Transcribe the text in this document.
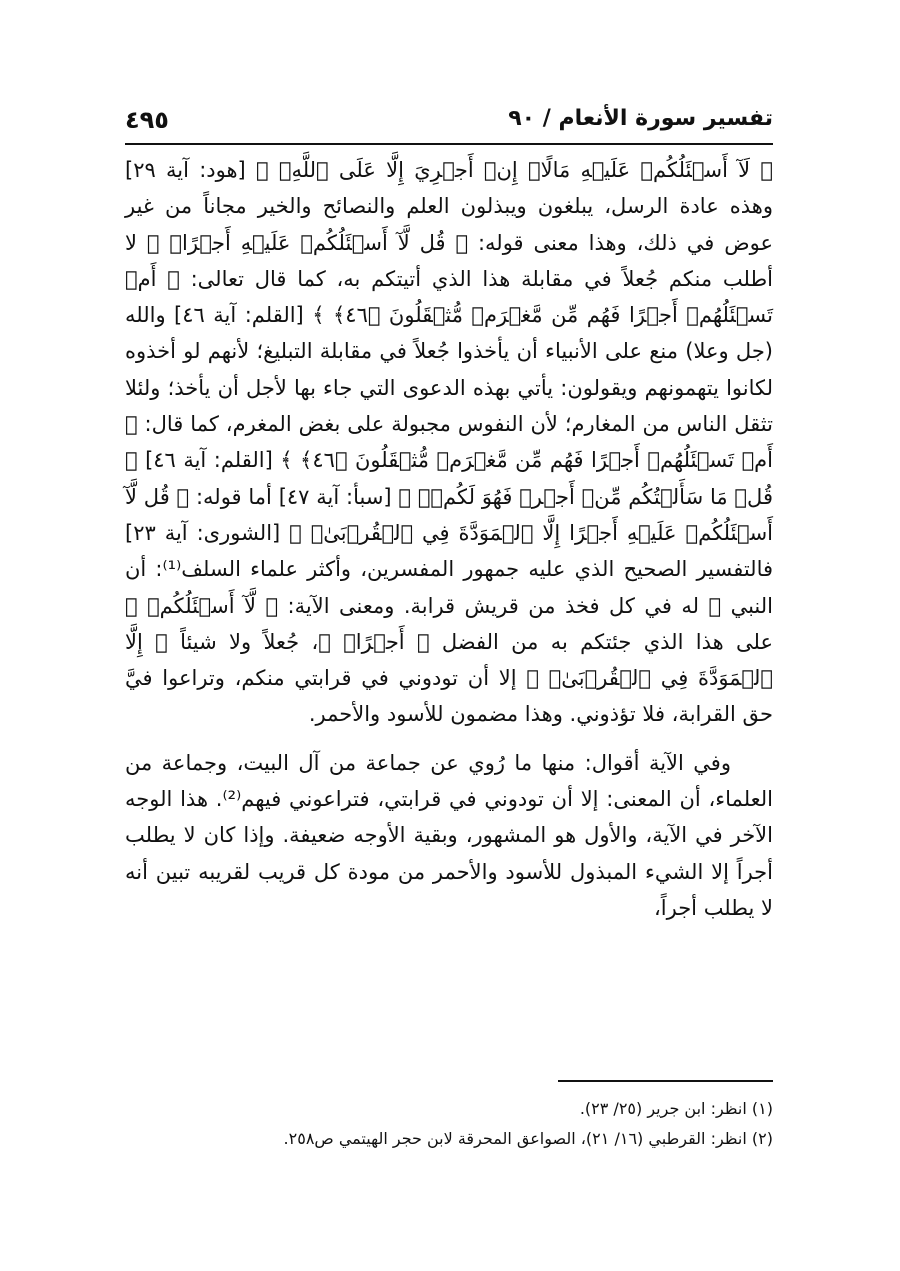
تفسير سورة الأنعام / ٩٠
٤٩٥

﴿ لَآ أَسۡئَلُكُمۡ عَلَيۡهِ مَالًاۖ إِنۡ أَجۡرِيَ إِلَّا عَلَى ٱللَّهِۚ ﴾ [هود: آية ٢٩] وهذه عادة الرسل، يبلغون ويبذلون العلم والنصائح والخير مجاناً من غير عوض في ذلك، وهذا معنى قوله: ﴿ قُل لَّآ أَسۡئَلُكُمۡ عَلَيۡهِ أَجۡرًاۖ ﴾ لا أطلب منكم جُعلاً في مقابلة هذا الذي أتيتكم به، كما قال تعالى: ﴿ أَمۡ تَسۡئَلُهُمۡ أَجۡرًا فَهُم مِّن مَّغۡرَمٖ مُّثۡقَلُونَ ﴿٤٦﴾ ﴾ [القلم: آية ٤٦] والله (جل وعلا) منع على الأنبياء أن يأخذوا جُعلاً في مقابلة التبليغ؛ لأنهم لو أخذوه لكانوا يتهمونهم ويقولون: يأتي بهذه الدعوى التي جاء بها لأجل أن يأخذ؛ ولئلا تثقل الناس من المغارم؛ لأن النفوس مجبولة على بغض المغرم، كما قال: ﴿ أَمۡ تَسۡئَلُهُمۡ أَجۡرًا فَهُم مِّن مَّغۡرَمٖ مُّثۡقَلُونَ ﴿٤٦﴾ ﴾ [القلم: آية ٤٦] ﴿ قُلۡ مَا سَأَلۡتُكُم مِّنۡ أَجۡرٖ فَهُوَ لَكُمۡۖ ﴾ [سبأ: آية ٤٧] أما قوله: ﴿ قُل لَّآ أَسۡئَلُكُمۡ عَلَيۡهِ أَجۡرًا إِلَّا ٱلۡمَوَدَّةَ فِي ٱلۡقُرۡبَىٰۗ ﴾ [الشورى: آية ٢٣] فالتفسير الصحيح الذي عليه جمهور المفسرين، وأكثر علماء السلف⁽¹⁾: أن النبي ﷺ له في كل فخذ من قريش قرابة. ومعنى الآية: ﴿ لَّآ أَسۡئَلُكُمۡ ﴾ على هذا الذي جئتكم به من الفضل ﴿ أَجۡرًاۖ ﴾، جُعلاً ولا شيئاً ﴿ إِلَّا ٱلۡمَوَدَّةَ فِي ٱلۡقُرۡبَىٰۗ ﴾ إلا أن تودوني في قرابتي منكم، وتراعوا فيَّ حق القرابة، فلا تؤذوني. وهذا مضمون للأسود والأحمر.

وفي الآية أقوال: منها ما رُوي عن جماعة من آل البيت، وجماعة من العلماء، أن المعنى: إلا أن تودوني في قرابتي، فتراعوني فيهم⁽²⁾. هذا الوجه الآخر في الآية، والأول هو المشهور، وبقية الأوجه ضعيفة. وإذا كان لا يطلب أجراً إلا الشيء المبذول للأسود والأحمر من مودة كل قريب لقريبه تبين أنه لا يطلب أجراً،

(١) انظر: ابن جرير (٢٥/ ٢٣).
(٢) انظر: القرطبي (١٦/ ٢١)، الصواعق المحرقة لابن حجر الهيتمي ص٢٥٨.
